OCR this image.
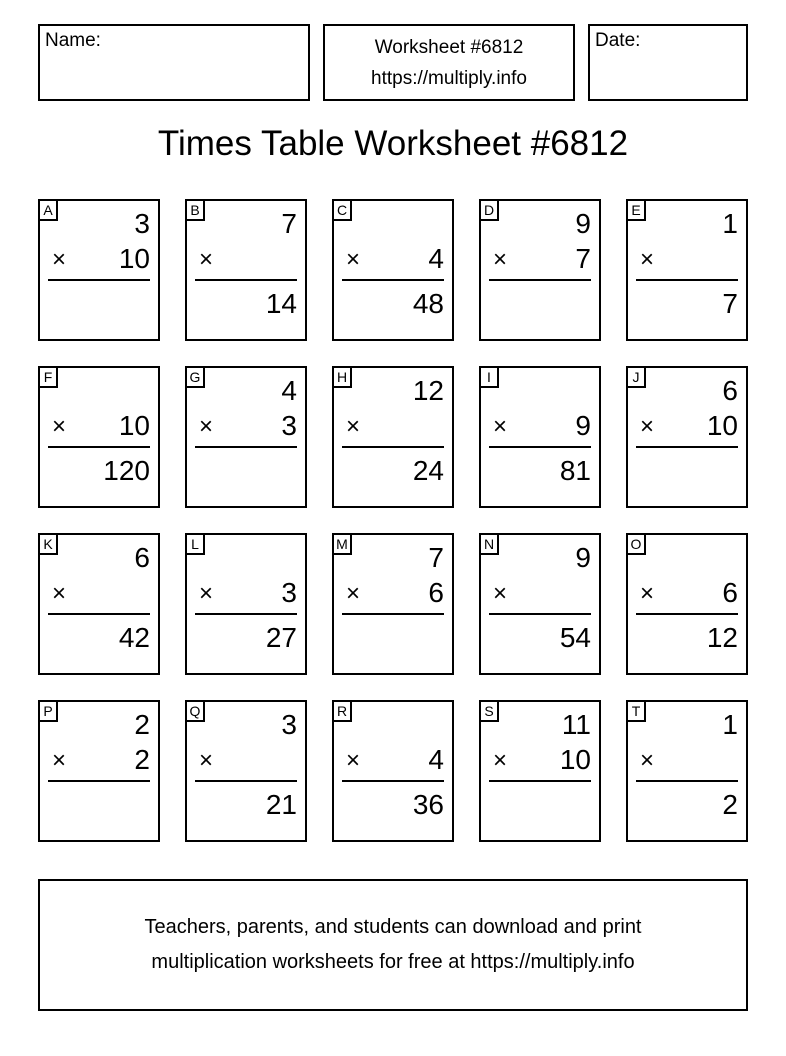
Name:	Worksheet #6812
https://multiply.info
Date:
Times Table Worksheet #6812
A	3
× 10
B	7
×
14
C
× 4
48
D	9
× 7
E	1
×
7
F
× 10
120
G	4
× 3
H 12
×
24
I
× 9
81
J	6
× 10
K	6
×
42
L
× 3
27
M	7
× 6
N	9
×
54
O
× 6
12
P	2
× 2
Q	3
×
21
R
× 4
36
S 11
× 10
T	1
×
2
Teachers, parents, and students can download and print
multiplication worksheets for free at https://multiply.info
